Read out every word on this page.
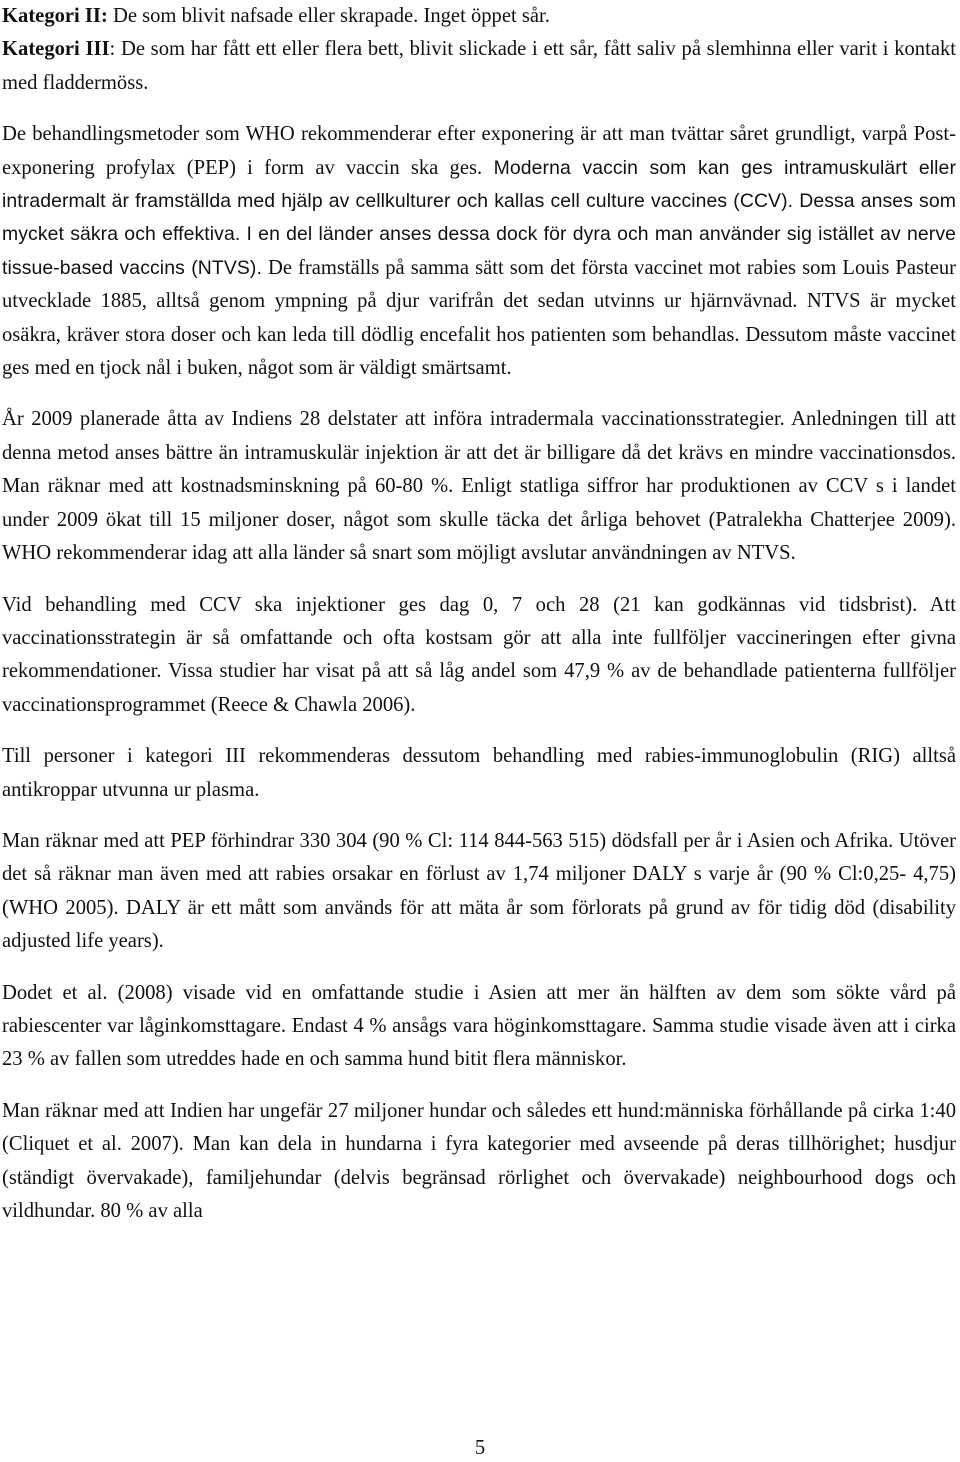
Kategori II: De som blivit nafsade eller skrapade. Inget öppet sår.

Kategori III: De som har fått ett eller flera bett, blivit slickade i ett sår, fått saliv på slemhinna eller varit i kontakt med fladdermöss.

De behandlingsmetoder som WHO rekommenderar efter exponering är att man tvättar såret grundligt, varpå Post-exponering profylax (PEP) i form av vaccin ska ges. Moderna vaccin som kan ges intramuskulärt eller intradermalt är framställda med hjälp av cellkulturer och kallas cell culture vaccines (CCV). Dessa anses som mycket säkra och effektiva. I en del länder anses dessa dock för dyra och man använder sig istället av nerve tissue-based vaccins (NTVS). De framställs på samma sätt som det första vaccinet mot rabies som Louis Pasteur utvecklade 1885, alltså genom ympning på djur varifrån det sedan utvinns ur hjärnvävnad. NTVS är mycket osäkra, kräver stora doser och kan leda till dödlig encefalit hos patienten som behandlas. Dessutom måste vaccinet ges med en tjock nål i buken, något som är väldigt smärtsamt.

År 2009 planerade åtta av Indiens 28 delstater att införa intradermala vaccinationsstrategier. Anledningen till att denna metod anses bättre än intramuskulär injektion är att det är billigare då det krävs en mindre vaccinationsdos. Man räknar med att kostnadsminskning på 60-80 %. Enligt statliga siffror har produktionen av CCV s i landet under 2009 ökat till 15 miljoner doser, något som skulle täcka det årliga behovet (Patralekha Chatterjee 2009). WHO rekommenderar idag att alla länder så snart som möjligt avslutar användningen av NTVS.

Vid behandling med CCV ska injektioner ges dag 0, 7 och 28 (21 kan godkännas vid tidsbrist). Att vaccinationsstrategin är så omfattande och ofta kostsam gör att alla inte fullföljer vaccineringen efter givna rekommendationer. Vissa studier har visat på att så låg andel som 47,9 % av de behandlade patienterna fullföljer vaccinationsprogrammet (Reece & Chawla 2006).

Till personer i kategori III rekommenderas dessutom behandling med rabies-immunoglobulin (RIG) alltså antikroppar utvunna ur plasma.

Man räknar med att PEP förhindrar 330 304 (90 % Cl: 114 844-563 515) dödsfall per år i Asien och Afrika. Utöver det så räknar man även med att rabies orsakar en förlust av 1,74 miljoner DALY s varje år (90 % Cl:0,25- 4,75)(WHO 2005). DALY är ett mått som används för att mäta år som förlorats på grund av för tidig död (disability adjusted life years).

Dodet et al. (2008) visade vid en omfattande studie i Asien att mer än hälften av dem som sökte vård på rabiescenter var låginkomsttagare. Endast 4 % ansågs vara höginkomsttagare. Samma studie visade även att i cirka 23 % av fallen som utreddes hade en och samma hund bitit flera människor.

Man räknar med att Indien har ungefär 27 miljoner hundar och således ett hund:människa förhållande på cirka 1:40 (Cliquet et al. 2007). Man kan dela in hundarna i fyra kategorier med avseende på deras tillhörighet; husdjur (ständigt övervakade), familjehundar (delvis begränsad rörlighet och övervakade) neighbourhood dogs och vildhundar. 80 % av alla

5
